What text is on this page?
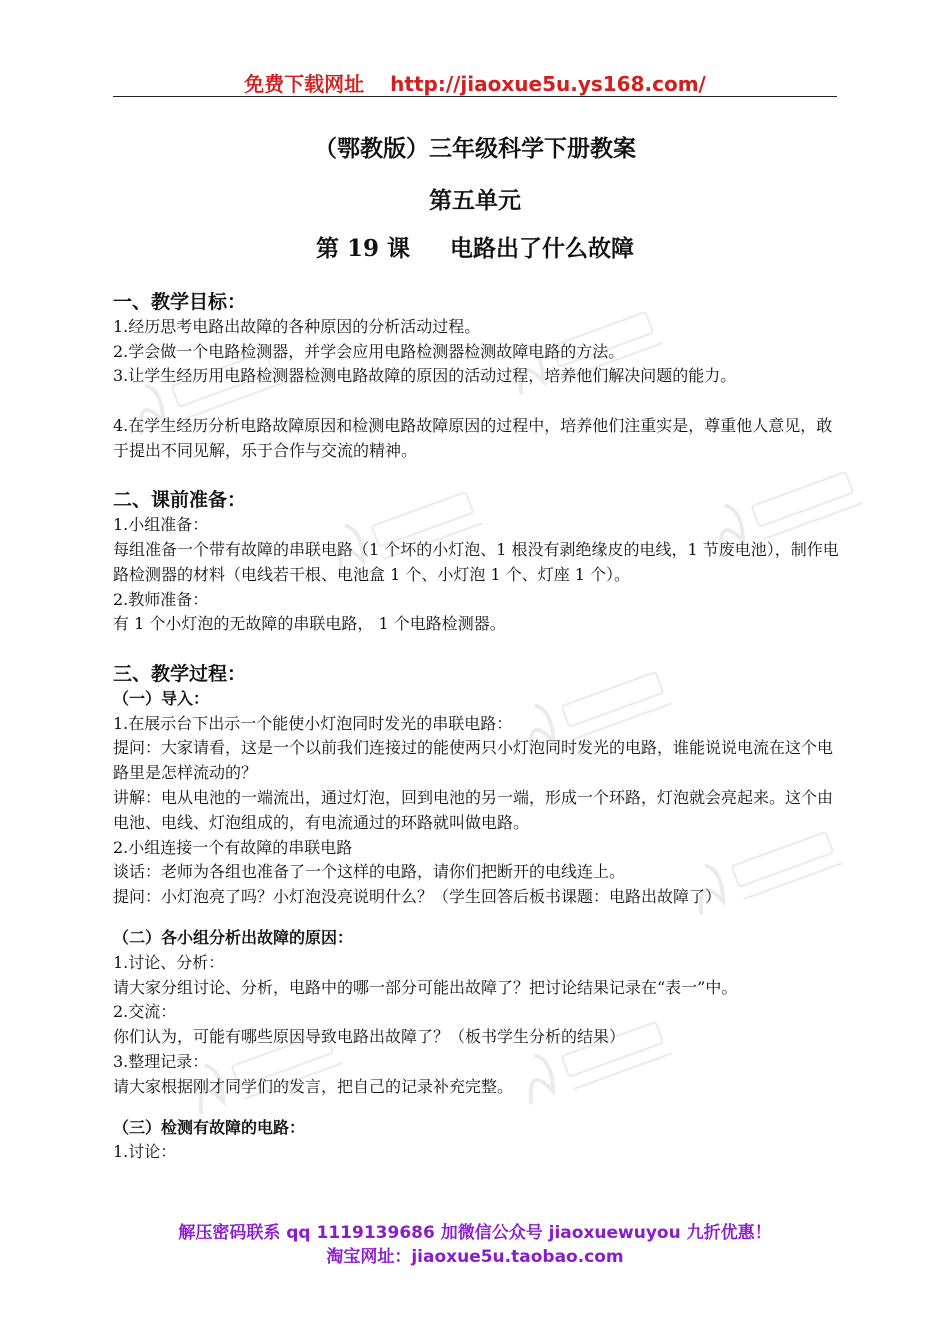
免费下载网址 http://jiaoxue5u.ys168.com/
（鄂教版）三年级科学下册教案
第五单元
第 19 课 电路出了什么故障

一、教学目标：

1.经历思考电路出故障的各种原因的分析活动过程。

2.学会做一个电路检测器，并学会应用电路检测器检测故障电路的方法。

3.让学生经历用电路检测器检测电路故障的原因的活动过程，培养他们解决问题的能力。

4.在学生经历分析电路故障原因和检测电路故障原因的过程中，培养他们注重实是，尊重他人意见，敢于提出不同见解，乐于合作与交流的精神。

二、课前准备：

1.小组准备：

每组准备一个带有故障的串联电路（1 个坏的小灯泡、1 根没有剥绝缘皮的电线，1 节废电池），制作电路检测器的材料（电线若干根、电池盒 1 个、小灯泡 1 个、灯座 1 个）。

2.教师准备：

有 1 个小灯泡的无故障的串联电路， 1 个电路检测器。

三、教学过程：

（一）导入：

1.在展示台下出示一个能使小灯泡同时发光的串联电路：

提问：大家请看，这是一个以前我们连接过的能使两只小灯泡同时发光的电路，谁能说说电流在这个电路里是怎样流动的？

讲解：电从电池的一端流出，通过灯泡，回到电池的另一端，形成一个环路，灯泡就会亮起来。这个由电池、电线、灯泡组成的，有电流通过的环路就叫做电路。

2.小组连接一个有故障的串联电路

谈话：老师为各组也准备了一个这样的电路，请你们把断开的电线连上。

提问：小灯泡亮了吗？小灯泡没亮说明什么？（学生回答后板书课题：电路出故障了）

（二）各小组分析出故障的原因：

1.讨论、分析：

请大家分组讨论、分析，电路中的哪一部分可能出故障了？把讨论结果记录在“表一”中。

2.交流：

你们认为，可能有哪些原因导致电路出故障了？（板书学生分析的结果）

3.整理记录：

请大家根据刚才同学们的发言，把自己的记录补充完整。

（三）检测有故障的电路：

1.讨论：

解压密码联系 qq 1119139686 加微信公众号 jiaoxuewuyou 九折优惠！
淘宝网址：jiaoxue5u.taobao.com
